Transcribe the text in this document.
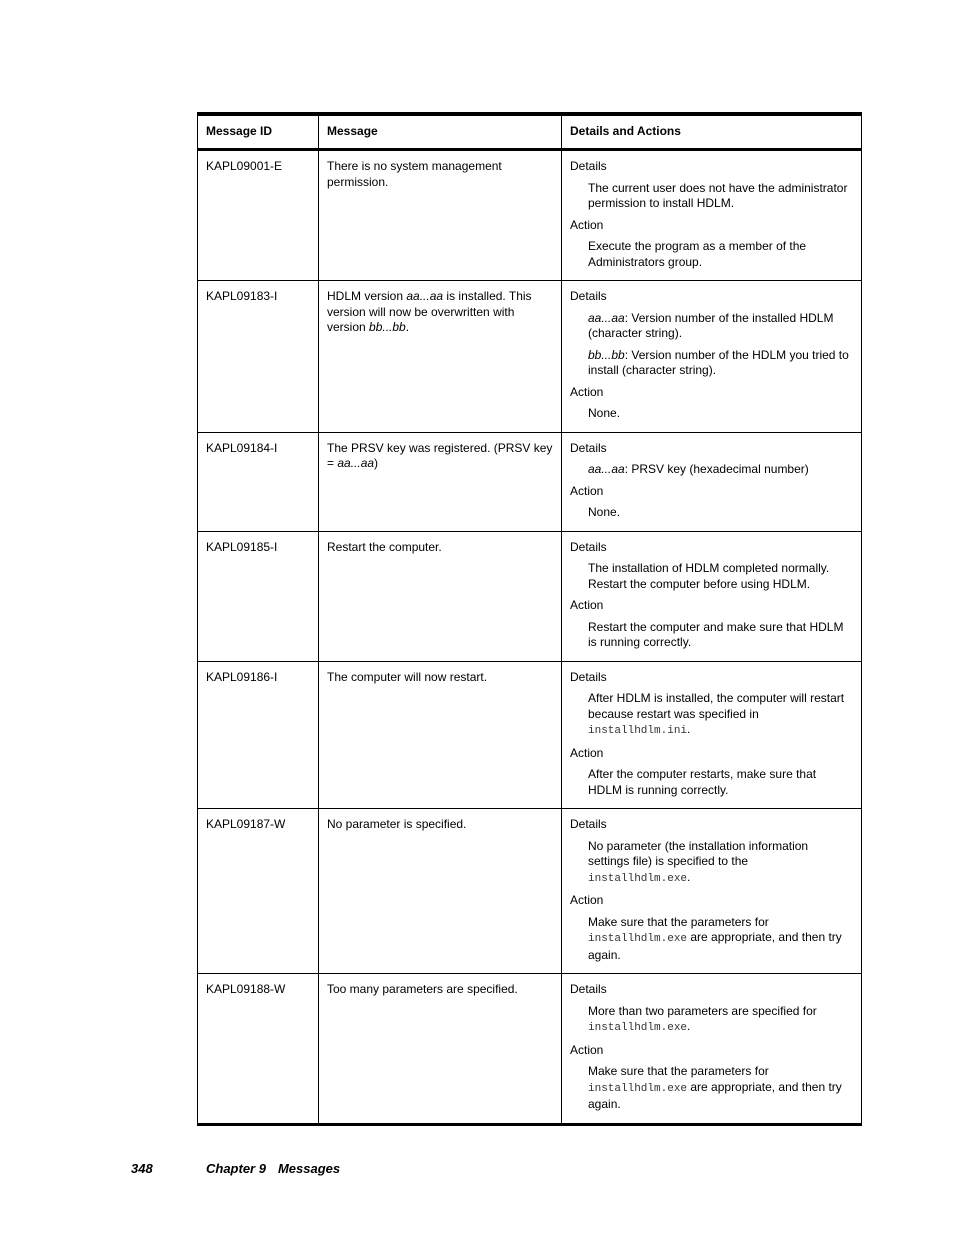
Message ID	Message	Details and Actions
KAPL09001-E	There is no system management permission.	Details

The current user does not have the administrator permission to install HDLM.

Action

Execute the program as a member of the Administrators group.

KAPL09183-I	HDLM version aa...aa is installed. This version will now be overwritten with version bb...bb.	Details

aa...aa: Version number of the installed HDLM (character string).

bb...bb: Version number of the HDLM you tried to install (character string).

Action

None.

KAPL09184-I	The PRSV key was registered. (PRSV key = aa...aa)	Details

aa...aa: PRSV key (hexadecimal number)

Action

None.

KAPL09185-I	Restart the computer.	Details

The installation of HDLM completed normally. Restart the computer before using HDLM.

Action

Restart the computer and make sure that HDLM is running correctly.

KAPL09186-I	The computer will now restart.	Details

After HDLM is installed, the computer will restart because restart was specified in installhdlm.ini.

Action

After the computer restarts, make sure that HDLM is running correctly.

KAPL09187-W	No parameter is specified.	Details

No parameter (the installation information settings file) is specified to the installhdlm.exe.

Action

Make sure that the parameters for installhdlm.exe are appropriate, and then try again.

KAPL09188-W	Too many parameters are specified.	Details

More than two parameters are specified for installhdlm.exe.

Action

Make sure that the parameters for installhdlm.exe are appropriate, and then try again.

348	Chapter 9 Messages
